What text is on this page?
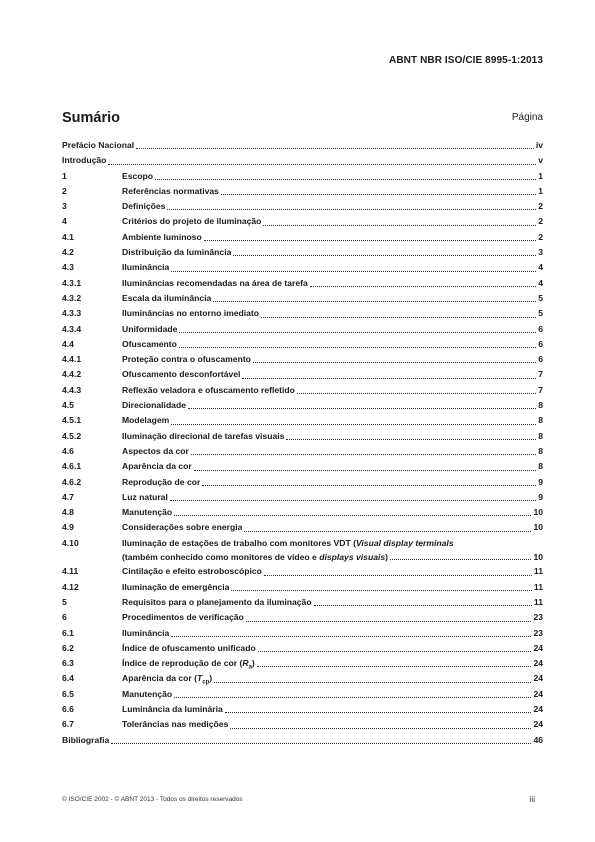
ABNT NBR ISO/CIE 8995-1:2013
Sumário	Página
Prefácio Nacional	iv
Introdução	v
1	Escopo	1
2	Referências normativas	1
3	Definições	2
4	Critérios do projeto de iluminação	2
4.1	Ambiente luminoso	2
4.2	Distribuição da luminância	3
4.3	Iluminância	4
4.3.1	Iluminâncias recomendadas na área de tarefa	4
4.3.2	Escala da iluminância	5
4.3.3	Iluminâncias no entorno imediato	5
4.3.4	Uniformidade	6
4.4	Ofuscamento	6
4.4.1	Proteção contra o ofuscamento	6
4.4.2	Ofuscamento desconfortável	7
4.4.3	Reflexão veladora e ofuscamento refletido	7
4.5	Direcionalidade	8
4.5.1	Modelagem	8
4.5.2	Iluminação direcional de tarefas visuais	8
4.6	Aspectos da cor	8
4.6.1	Aparência da cor	8
4.6.2	Reprodução de cor	9
4.7	Luz natural	9
4.8	Manutenção	10
4.9	Considerações sobre energia	10
4.10	Iluminação de estações de trabalho com monitores VDT (Visual display terminals
(também conhecido como monitores de vídeo e displays visuais)	10
4.11	Cintilação e efeito estroboscópico	11
4.12	Iluminação de emergência	11
5	Requisitos para o planejamento da iluminação	11
6	Procedimentos de verificação	23
6.1	Iluminância	23
6.2	Índice de ofuscamento unificado	24
6.3	Índice de reprodução de cor $(R_a)$	24
6.4	Aparência da cor $(T_{cp})$	24
6.5	Manutenção	24
6.6	Luminância da luminária	24
6.7	Tolerâncias nas medições	24
Bibliografia	46
© ISO/CIE 2002 - © ABNT 2013 - Todos os direitos reservados	iii
